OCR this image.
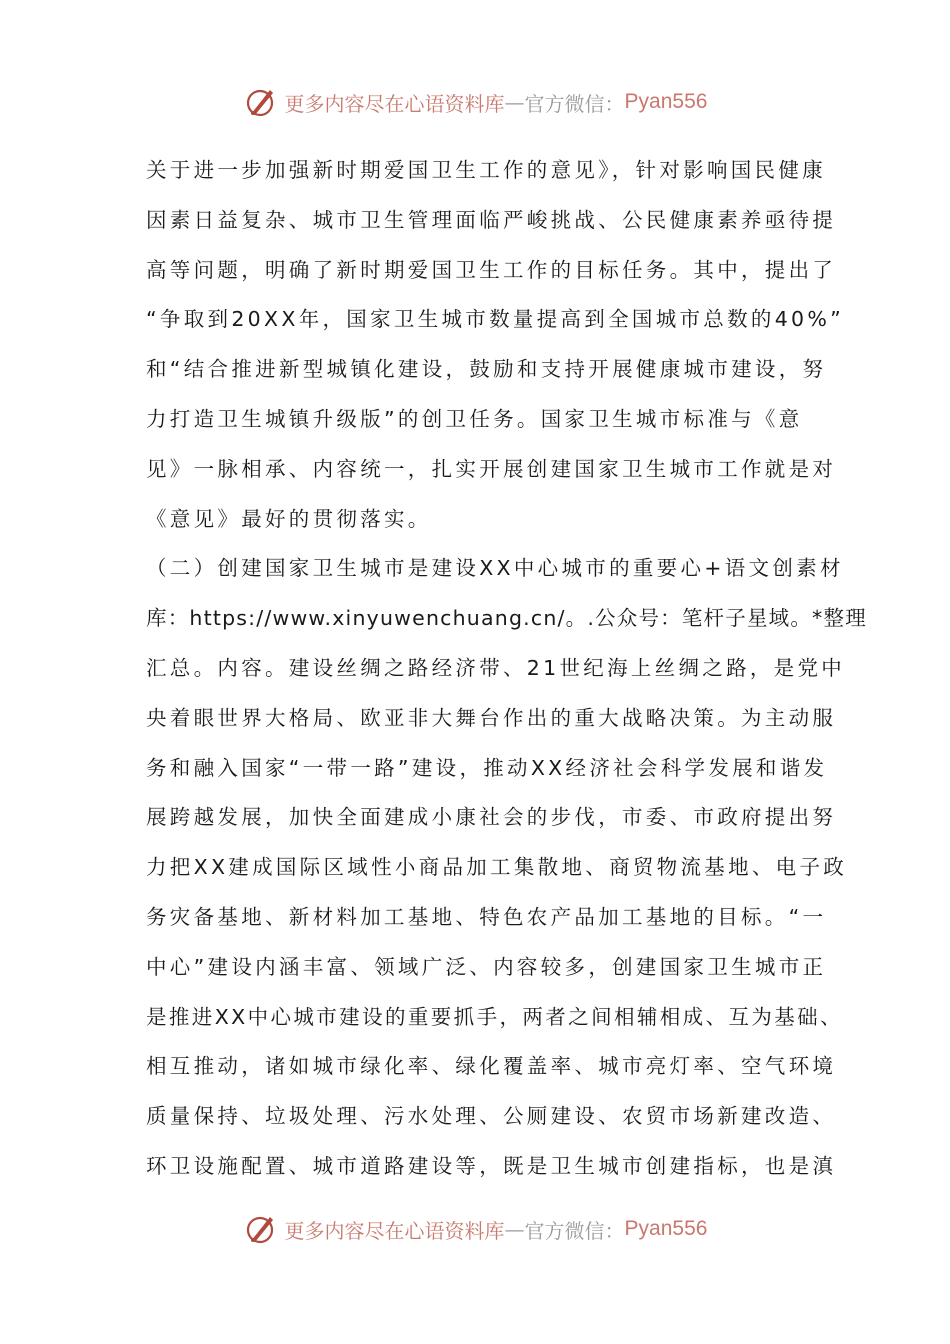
更多内容尽在心语资料库 — 官方微信： Pyan556
关于进一步加强新时期爱国卫生工作的意见》，针对影响国民健康
因素日益复杂、城市卫生管理面临严峻挑战、公民健康素养亟待提
高等问题，明确了新时期爱国卫生工作的目标任务。其中，提出了
“争取到20XX年，国家卫生城市数量提高到全国城市总数的40%”
和“结合推进新型城镇化建设，鼓励和支持开展健康城市建设，努
力打造卫生城镇升级版”的创卫任务。国家卫生城市标准与《意
见》一脉相承、内容统一，扎实开展创建国家卫生城市工作就是对
《意见》最好的贯彻落实。
（二）创建国家卫生城市是建设XX中心城市的重要心+语文创素材
库：https://www.xinyuwenchuang.cn/。.公众号：笔杆子星域。*整理
汇总。内容。建设丝绸之路经济带、21世纪海上丝绸之路，是党中
央着眼世界大格局、欧亚非大舞台作出的重大战略决策。为主动服
务和融入国家“一带一路”建设，推动XX经济社会科学发展和谐发
展跨越发展，加快全面建成小康社会的步伐，市委、市政府提出努
力把XX建成国际区域性小商品加工集散地、商贸物流基地、电子政
务灾备基地、新材料加工基地、特色农产品加工基地的目标。“一
中心”建设内涵丰富、领域广泛、内容较多，创建国家卫生城市正
是推进XX中心城市建设的重要抓手，两者之间相辅相成、互为基础、
相互推动，诸如城市绿化率、绿化覆盖率、城市亮灯率、空气环境
质量保持、垃圾处理、污水处理、公厕建设、农贸市场新建改造、
环卫设施配置、城市道路建设等，既是卫生城市创建指标，也是滇
更多内容尽在心语资料库 — 官方微信： Pyan556
